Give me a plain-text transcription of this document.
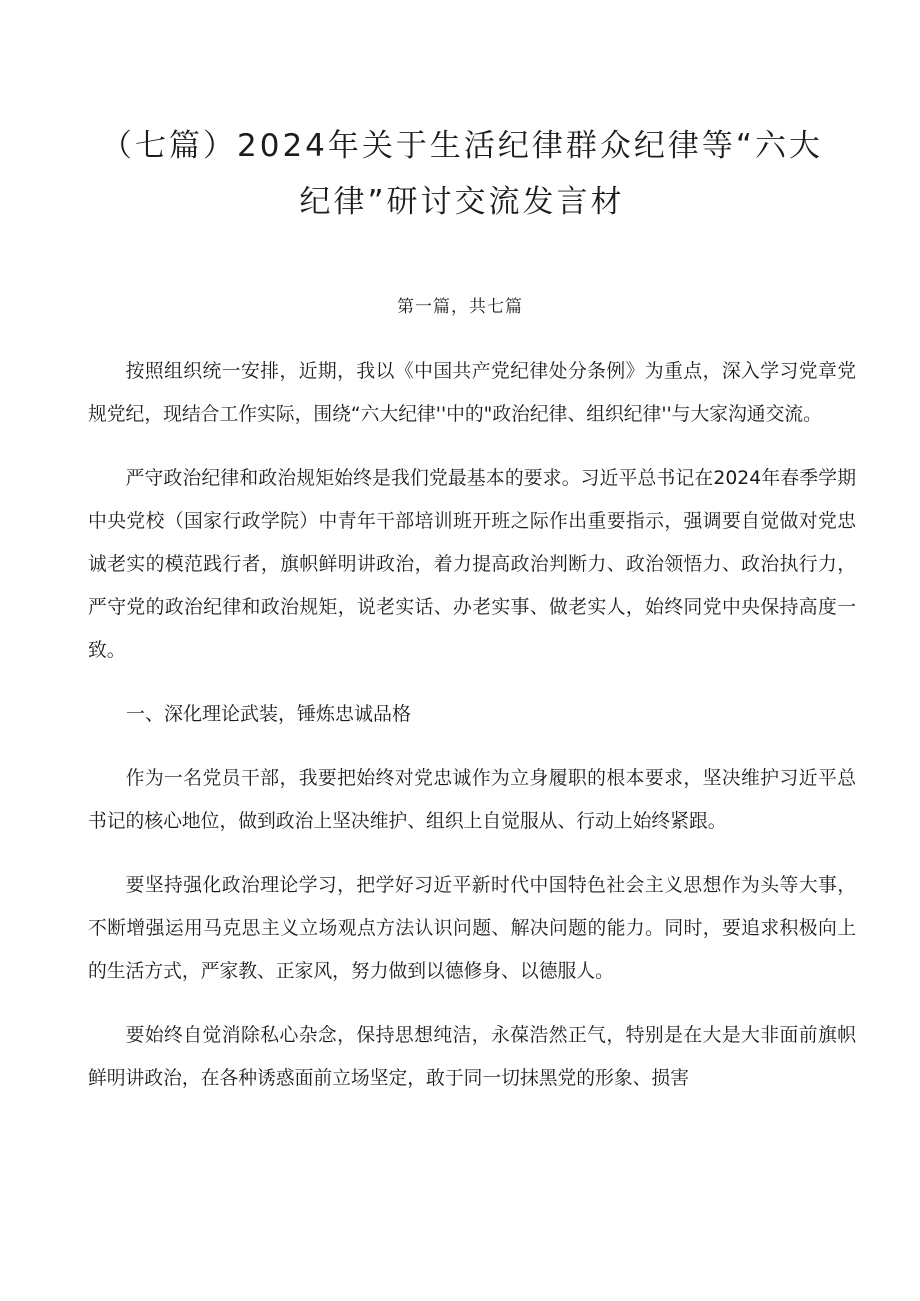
（七篇）2024年关于生活纪律群众纪律等“六大纪律”研讨交流发言材
第一篇，共七篇

按照组织统一安排，近期，我以《中国共产党纪律处分条例》为重点，深入学习党章党规党纪，现结合工作实际，围绕“六大纪律''中的"政治纪律、组织纪律''与大家沟通交流。

严守政治纪律和政治规矩始终是我们党最基本的要求。习近平总书记在2024年春季学期中央党校（国家行政学院）中青年干部培训班开班之际作出重要指示，强调要自觉做对党忠诚老实的模范践行者，旗帜鲜明讲政治，着力提高政治判断力、政治领悟力、政治执行力，严守党的政治纪律和政治规矩，说老实话、办老实事、做老实人，始终同党中央保持高度一致。

一、深化理论武装，锤炼忠诚品格

作为一名党员干部，我要把始终对党忠诚作为立身履职的根本要求，坚决维护习近平总书记的核心地位，做到政治上坚决维护、组织上自觉服从、行动上始终紧跟。

要坚持强化政治理论学习，把学好习近平新时代中国特色社会主义思想作为头等大事，不断增强运用马克思主义立场观点方法认识问题、解决问题的能力。同时，要追求积极向上的生活方式，严家教、正家风，努力做到以德修身、以德服人。

要始终自觉消除私心杂念，保持思想纯洁，永葆浩然正气，特别是在大是大非面前旗帜鲜明讲政治，在各种诱惑面前立场坚定，敢于同一切抹黑党的形象、损害
